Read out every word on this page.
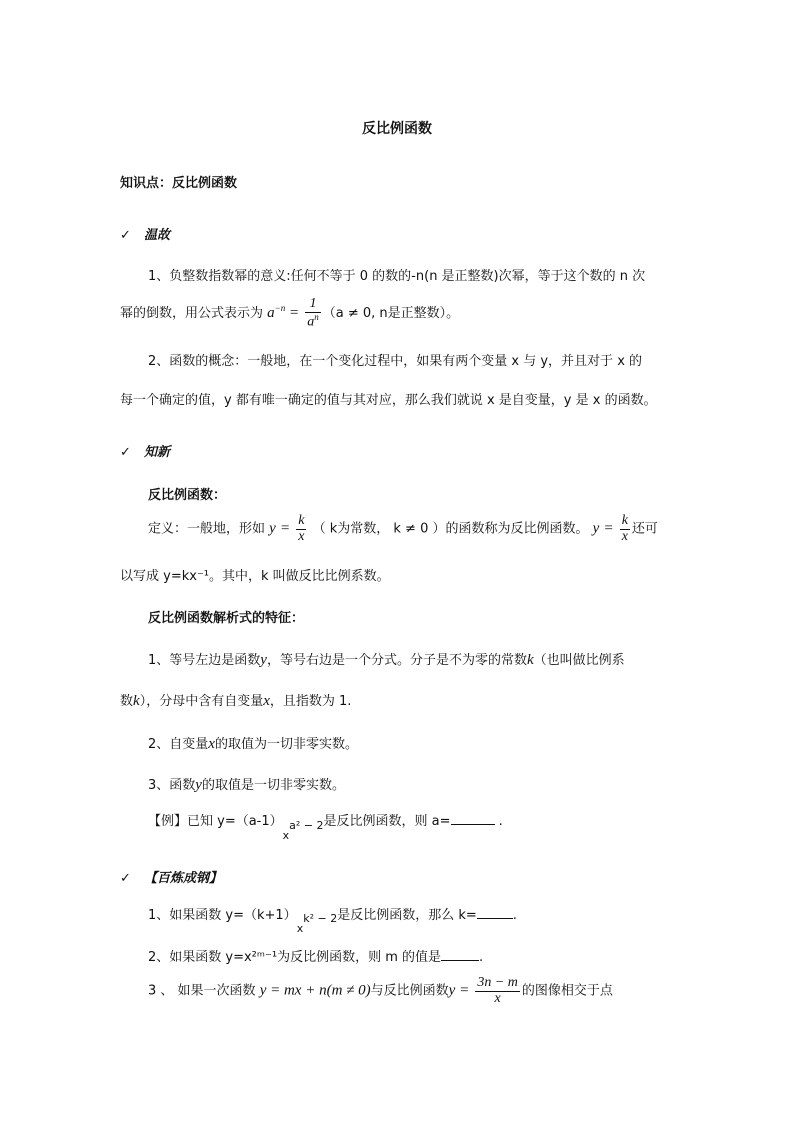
反比例函数
知识点：反比例函数
✓ 温故
1、负整数指数幂的意义:任何不等于 0 的数的-n(n 是正整数)次幂，等于这个数的 n 次
幂的倒数，用公式表示为 $a^{-n} = \frac{1}{a^n} (a \ne 0$, n是正整数）。
2、函数的概念：一般地，在一个变化过程中，如果有两个变量 x 与 y，并且对于 x 的
每一个确定的值，y 都有唯一确定的值与其对应，那么我们就说 x 是自变量，y 是 x 的函数。
✓ 知新
反比例函数：
定义：一般地，形如 $y = \frac{k}{x}$ （ k为常数， k ≠ 0 ）的函数称为反比例函数。 $y = \frac{k}{x}$ 还可
以写成 y=kx⁻¹。其中，k 叫做反比比例系数。
反比例函数解析式的特征：
1、等号左边是函数y，等号右边是一个分式。分子是不为零的常数k（也叫做比例系
数k），分母中含有自变量x，且指数为 1.
2、自变量x的取值为一切非零实数。
3、函数y的取值是一切非零实数。
【例】已知 $y=(a-1)_{xa^2 - 2}$是反比例函数，则 a=	.
✓ 【百炼成钢】
1、如果函数 $y=(k+1)_{xk^2 - 2}$是反比例函数，那么 k=	.
2、如果函数 y=x²ᵐ⁻¹为反比例函数，则 m 的值是	.
3 、 如果一次函数 y = mx + n(m ≠ 0)与反比例函数$y = \frac{3n - m}{x}$ 的图像相交于点
